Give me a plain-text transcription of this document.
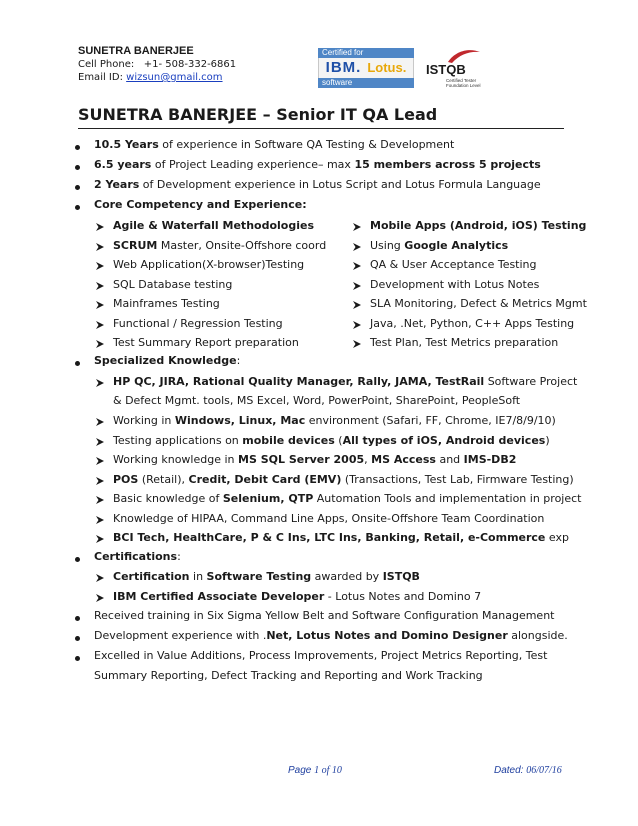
SUNETRA BANERJEE
Cell Phone: +1- 508-332-6861
Email ID: wizsun@gmail.com
Certified for
IBM. Lotus.
software
ISTQB
Certified Tester
Foundation Level
SUNETRA BANERJEE – Senior IT QA Lead
10.5 Years of experience in Software QA Testing & Development
6.5 years of Project Leading experience– max 15 members across 5 projects
2 Years of Development experience in Lotus Script and Lotus Formula Language
Core Competency and Experience:
Agile & Waterfall Methodologies
SCRUM Master, Onsite-Offshore coord
Web Application(X-browser)Testing
SQL Database testing
Mainframes Testing
Functional / Regression Testing
Test Summary Report preparation
Mobile Apps (Android, iOS) Testing
Using Google Analytics
QA & User Acceptance Testing
Development with Lotus Notes
SLA Monitoring, Defect & Metrics Mgmt
Java, .Net, Python, C++ Apps Testing
Test Plan, Test Metrics preparation
Specialized Knowledge:
HP QC, JIRA, Rational Quality Manager, Rally, JAMA, TestRail Software Project
& Defect Mgmt. tools, MS Excel, Word, PowerPoint, SharePoint, PeopleSoft
Working in Windows, Linux, Mac environment (Safari, FF, Chrome, IE7/8/9/10)
Testing applications on mobile devices (All types of iOS, Android devices)
Working knowledge in MS SQL Server 2005, MS Access and IMS-DB2
POS (Retail), Credit, Debit Card (EMV) (Transactions, Test Lab, Firmware Testing)
Basic knowledge of Selenium, QTP Automation Tools and implementation in project
Knowledge of HIPAA, Command Line Apps, Onsite-Offshore Team Coordination
BCI Tech, HealthCare, P & C Ins, LTC Ins, Banking, Retail, e-Commerce exp
Certifications:
Certification in Software Testing awarded by ISTQB
IBM Certified Associate Developer - Lotus Notes and Domino 7
Received training in Six Sigma Yellow Belt and Software Configuration Management
Development experience with .Net, Lotus Notes and Domino Designer alongside.
Excelled in Value Additions, Process Improvements, Project Metrics Reporting, Test
Summary Reporting, Defect Tracking and Reporting and Work Tracking
Page 1 of 10	Dated: 06/07/16
